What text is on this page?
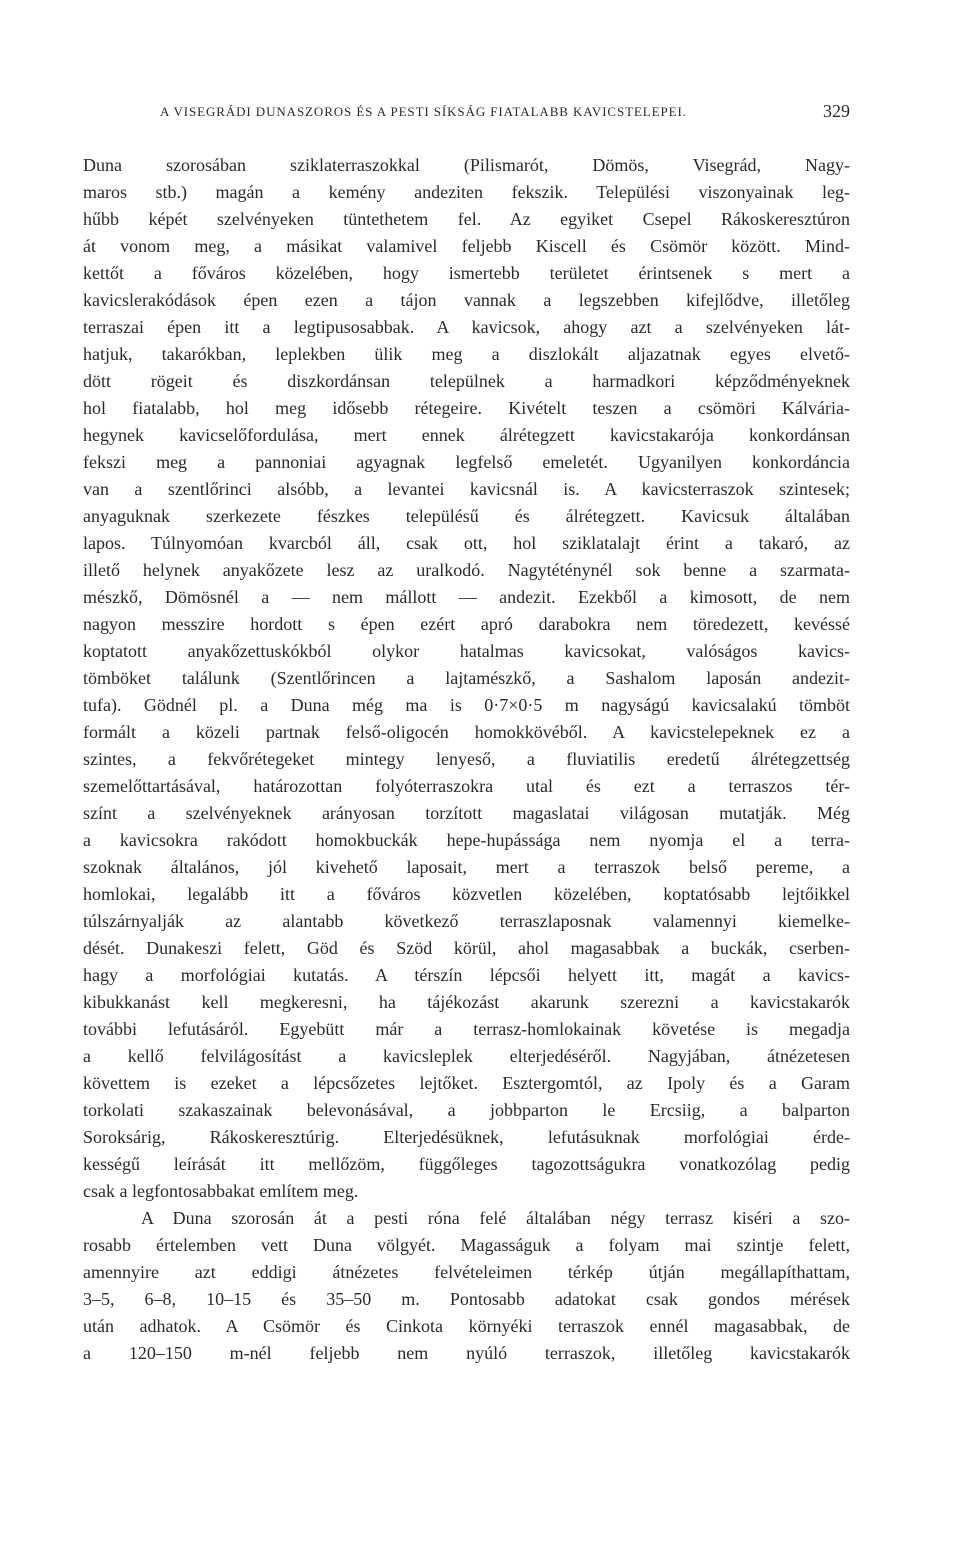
A VISEGRÁDI DUNASZOROS ÉS A PESTI SÍKSÁG FIATALABB KAVICSTELEPEI.	329
Duna szorosában sziklaterraszokkal (Pilismarót, Dömös, Visegrád, Nagy-
maros stb.) magán a kemény andeziten fekszik. Települési viszonyainak leg-
hűbb képét szelvényeken tüntethetem fel. Az egyiket Csepel Rákoskeresztúron
át vonom meg, a másikat valamivel feljebb Kiscell és Csömör között. Mind-
kettőt a főváros közelében, hogy ismertebb területet érintsenek s mert a
kavicslerakódások épen ezen a tájon vannak a legszebben kifejlődve, illetőleg
terraszai épen itt a legtipusosabbak. A kavicsok, ahogy azt a szelvényeken lát-
hatjuk, takarókban, leplekben ülik meg a diszlokált aljazatnak egyes elvető-
dött rögeit és diszkordánsan települnek a harmadkori képződményeknek
hol fiatalabb, hol meg idősebb rétegeire. Kivételt teszen a csömöri Kálvária-
hegynek kavicselőfordulása, mert ennek álrétegzett kavicstakarója konkordánsan
fekszi meg a pannoniai agyagnak legfelső emeletét. Ugyanilyen konkordáncia
van a szentlőrinci alsóbb, a levantei kavicsnál is. A kavicsterraszok szintesek;
anyaguknak szerkezete fészkes településű és álrétegzett. Kavicsuk általában
lapos. Túlnyomóan kvarcból áll, csak ott, hol sziklatalajt érint a takaró, az
illető helynek anyakőzete lesz az uralkodó. Nagytéténynél sok benne a szarmata-
mészkő, Dömösnél a — nem mállott — andezit. Ezekből a kimosott, de nem
nagyon messzire hordott s épen ezért apró darabokra nem töredezett, kevéssé
koptatott anyakőzettuskókból olykor hatalmas kavicsokat, valóságos kavics-
tömböket találunk (Szentlőrincen a lajtamészkő, a Sashalom laposán andezit-
tufa). Gödnél pl. a Duna még ma is 0·7×0·5 m nagyságú kavicsalakú tömböt
formált a közeli partnak felső-oligocén homokkövéből. A kavicstelepeknek ez a
szintes, a fekvőrétegeket mintegy lenyeső, a fluviatilis eredetű álrétegzettség
szemelőttartásával, határozottan folyóterraszokra utal és ezt a terraszos tér-
színt a szelvényeknek arányosan torzított magaslatai világosan mutatják. Még
a kavicsokra rakódott homokbuckák hepe-hupássága nem nyomja el a terra-
szoknak általános, jól kivehető laposait, mert a terraszok belső pereme, a
homlokai, legalább itt a főváros közvetlen közelében, koptatósabb lejtőikkel
túlszárnyalják az alantabb következő terraszlaposnak valamennyi kiemelke-
dését. Dunakeszi felett, Göd és Szöd körül, ahol magasabbak a buckák, cserben-
hagy a morfológiai kutatás. A térszín lépcsői helyett itt, magát a kavics-
kibukkanást kell megkeresni, ha tájékozást akarunk szerezni a kavicstakarók
további lefutásáról. Egyebütt már a terrasz-homlokainak követése is megadja
a kellő felvilágosítást a kavicsleplek elterjedéséről. Nagyjában, átnézetesen
követtem is ezeket a lépcsőzetes lejtőket. Esztergomtól, az Ipoly és a Garam
torkolati szakaszainak belevonásával, a jobbparton le Ercsiig, a balparton
Soroksárig, Rákoskeresztúrig. Elterjedésüknek, lefutásuknak morfológiai érde-
kességű leírását itt mellőzöm, függőleges tagozottságukra vonatkozólag pedig
csak a legfontosabbakat említem meg.
A Duna szorosán át a pesti róna felé általában négy terrasz kiséri a szo-
rosabb értelemben vett Duna völgyét. Magasságuk a folyam mai szintje felett,
amennyire azt eddigi átnézetes felvételeimen térkép útján megállapíthattam,
3–5, 6–8, 10–15 és 35–50 m. Pontosabb adatokat csak gondos mérések
után adhatok. A Csömör és Cinkota környéki terraszok ennél magasabbak, de
a 120–150 m-nél feljebb nem nyúló terraszok, illetőleg kavicstakarók
